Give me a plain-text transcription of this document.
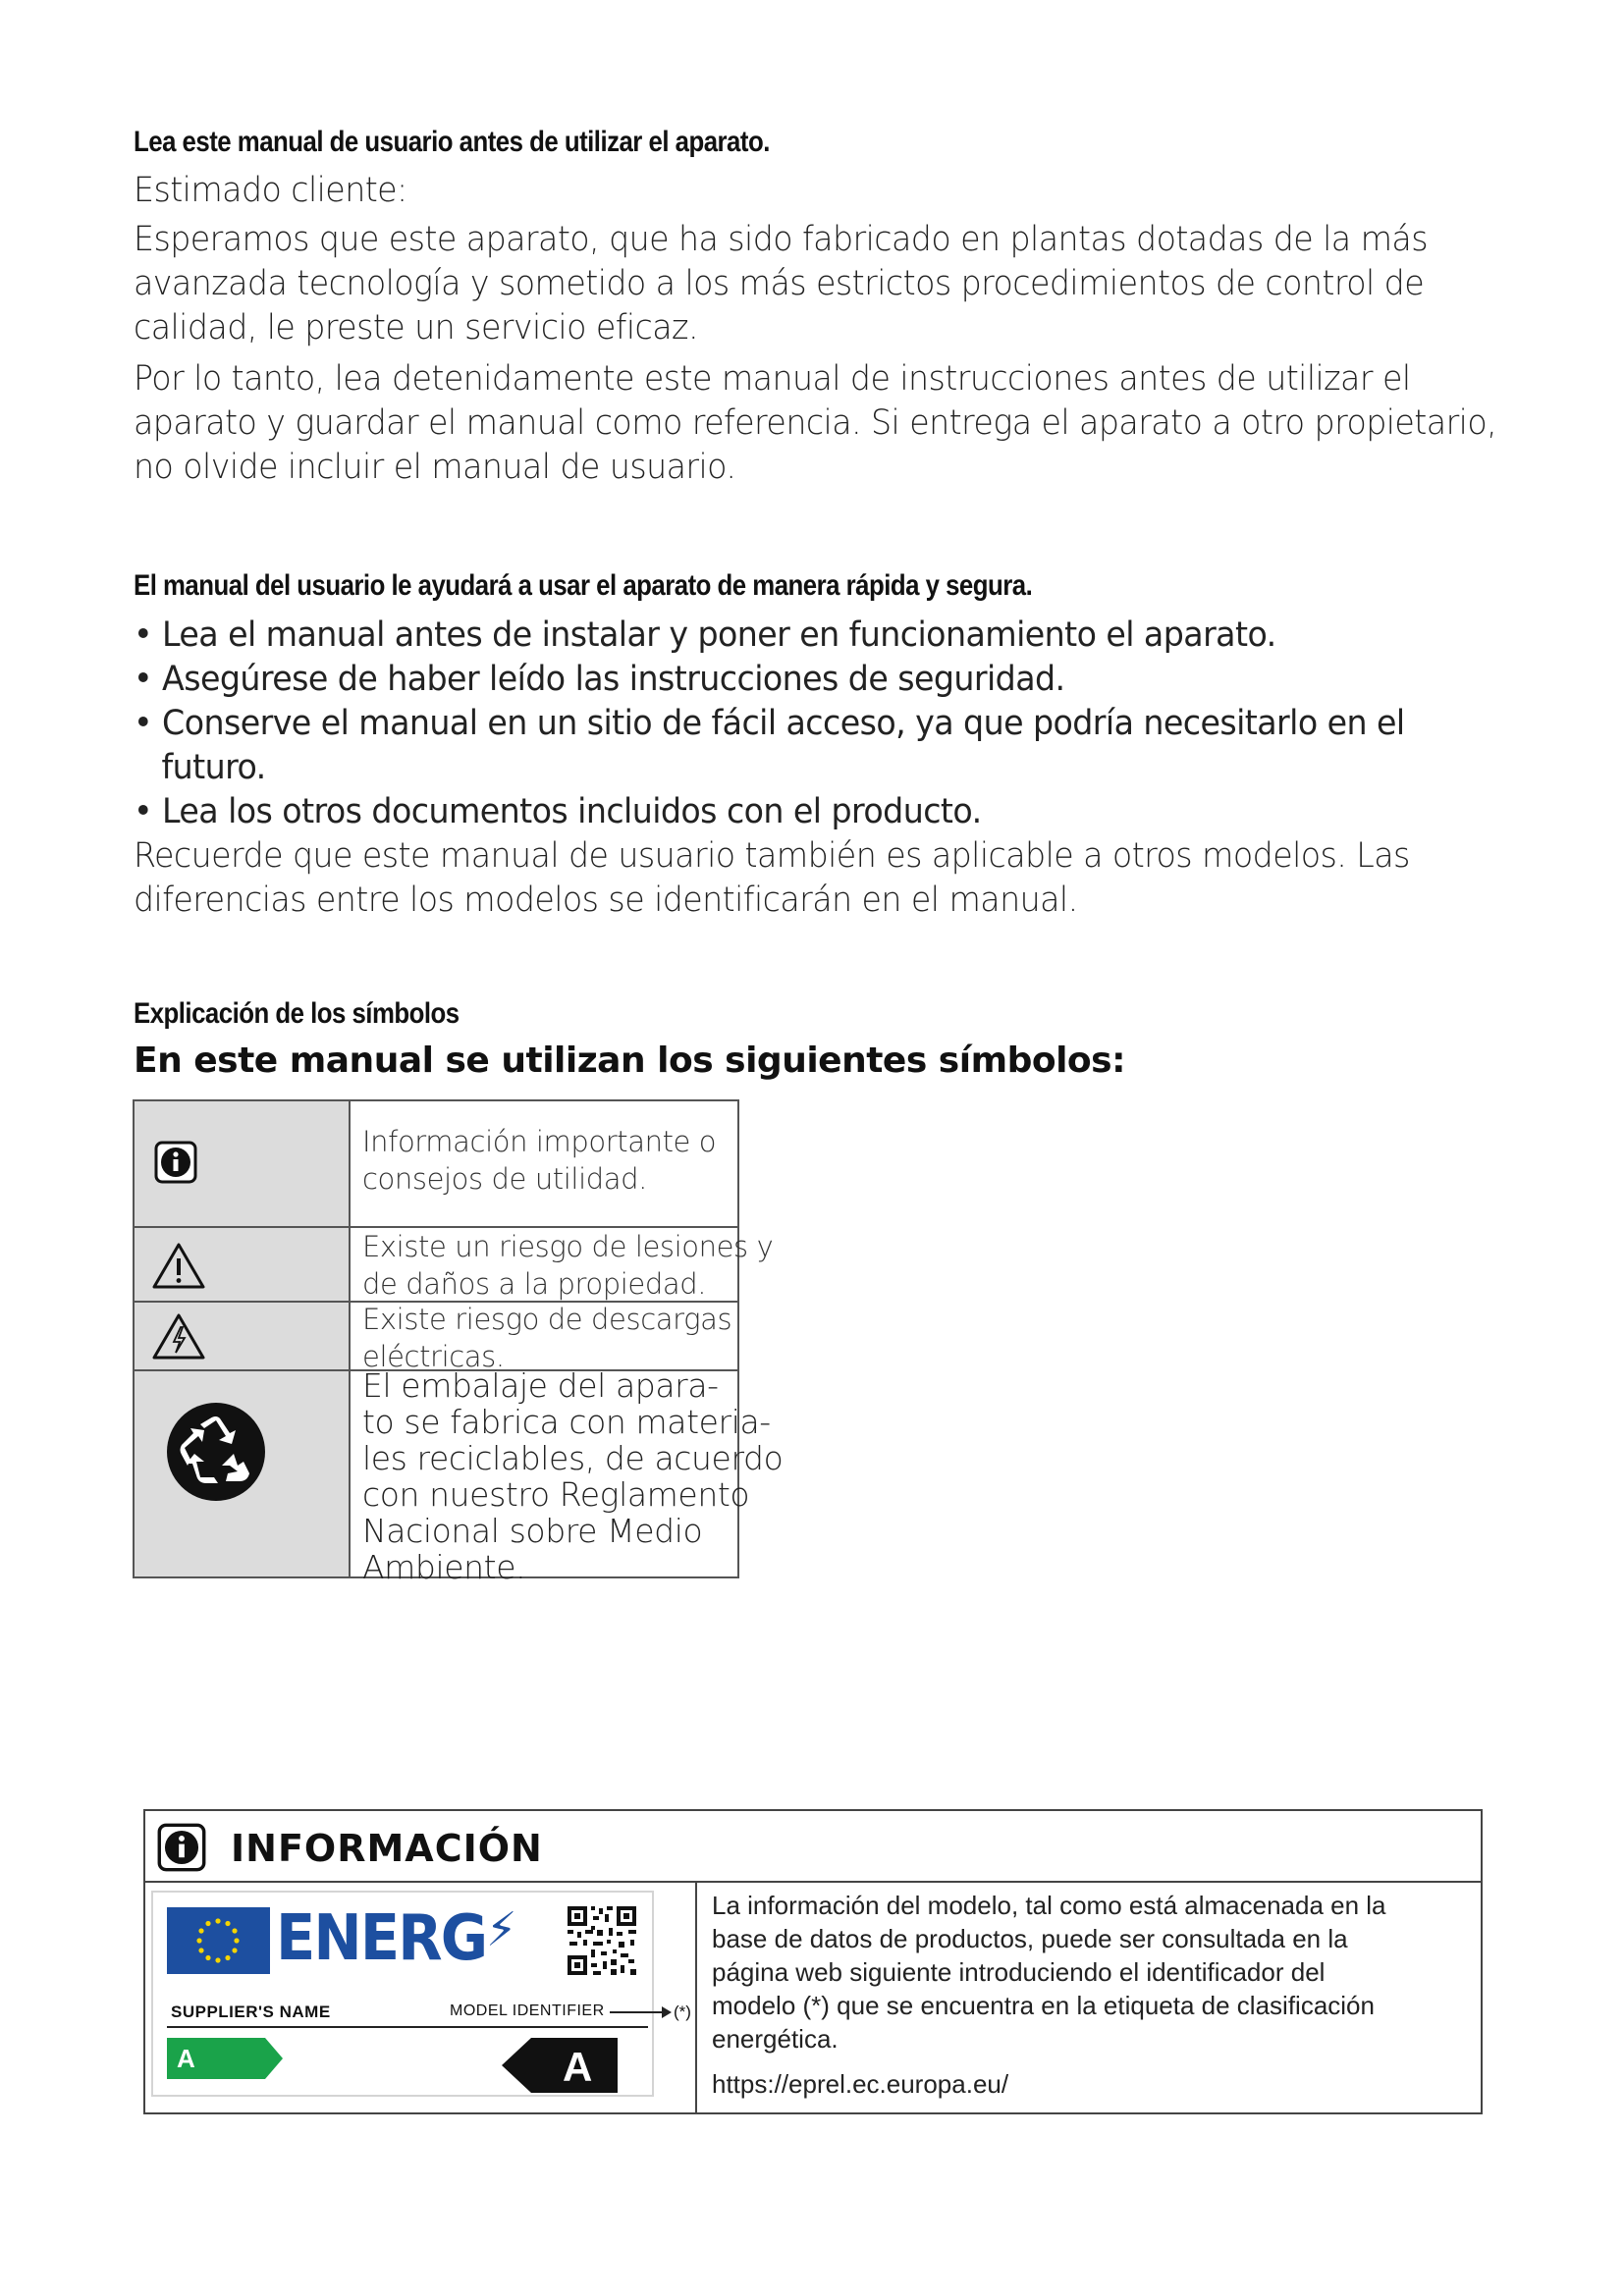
Lea este manual de usuario antes de utilizar el aparato.
Estimado cliente:
Esperamos que este aparato, que ha sido fabricado en plantas dotadas de la más
avanzada tecnología y sometido a los más estrictos procedimientos de control de
calidad, le preste un servicio eficaz.
Por lo tanto, lea detenidamente este manual de instrucciones antes de utilizar el
aparato y guardar el manual como referencia. Si entrega el aparato a otro propietario,
no olvide incluir el manual de usuario.
El manual del usuario le ayudará a usar el aparato de manera rápida y segura.
• Lea el manual antes de instalar y poner en funcionamiento el aparato.
• Asegúrese de haber leído las instrucciones de seguridad.
• Conserve el manual en un sitio de fácil acceso, ya que podría necesitarlo en el
futuro.
• Lea los otros documentos incluidos con el producto.
Recuerde que este manual de usuario también es aplicable a otros modelos. Las
diferencias entre los modelos se identificarán en el manual.
Explicación de los símbolos
En este manual se utilizan los siguientes símbolos:
Información importante o
consejos de utilidad.
Existe un riesgo de lesiones y
de daños a la propiedad.
Existe riesgo de descargas
eléctricas.
El embalaje del apara-
to se fabrica con materia-
les reciclables, de acuerdo
con nuestro Reglamento
Nacional sobre Medio
Ambiente.
INFORMACIÓN
ENERG⚡
SUPPLIER'S NAME	MODEL IDENTIFIER	(*)
A	A
La información del modelo, tal como está almacenada en la
base de datos de productos, puede ser consultada en la
página web siguiente introduciendo el identificador del
modelo (*) que se encuentra en la etiqueta de clasificación
energética.
https://eprel.ec.europa.eu/
